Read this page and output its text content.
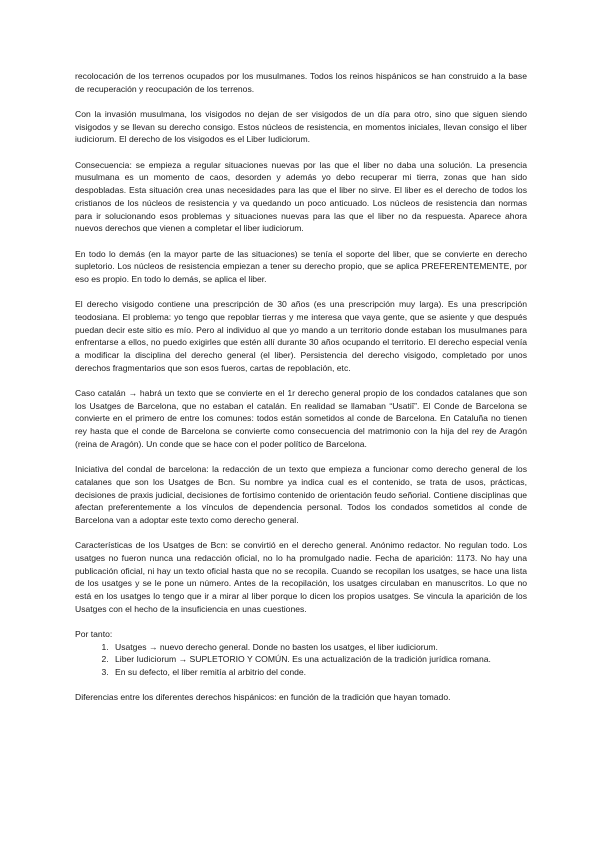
recolocación de los terrenos ocupados por los musulmanes. Todos los reinos hispánicos se han construido a la base de recuperación y reocupación de los terrenos.

Con la invasión musulmana, los visigodos no dejan de ser visigodos de un día para otro, sino que siguen siendo visigodos y se llevan su derecho consigo. Estos núcleos de resistencia, en momentos iniciales, llevan consigo el liber iudiciorum. El derecho de los visigodos es el Liber Iudiciorum.

Consecuencia: se empieza a regular situaciones nuevas por las que el liber no daba una solución. La presencia musulmana es un momento de caos, desorden y además yo debo recuperar mi tierra, zonas que han sido despobladas. Esta situación crea unas necesidades para las que el liber no sirve. El liber es el derecho de todos los cristianos de los núcleos de resistencia y va quedando un poco anticuado. Los núcleos de resistencia dan normas para ir solucionando esos problemas y situaciones nuevas para las que el liber no da respuesta. Aparece ahora nuevos derechos que vienen a completar el liber iudiciorum.

En todo lo demás (en la mayor parte de las situaciones) se tenía el soporte del liber, que se convierte en derecho supletorio. Los núcleos de resistencia empiezan a tener su derecho propio, que se aplica PREFERENTEMENTE, por eso es propio. En todo lo demás, se aplica el liber.

El derecho visigodo contiene una prescripción de 30 años (es una prescripción muy larga). Es una prescripción teodosiana. El problema: yo tengo que repoblar tierras y me interesa que vaya gente, que se asiente y que después puedan decir este sitio es mío. Pero al individuo al que yo mando a un territorio donde estaban los musulmanes para enfrentarse a ellos, no puedo exigirles que estén allí durante 30 años ocupando el territorio. El derecho especial venía a modificar la disciplina del derecho general (el liber). Persistencia del derecho visigodo, completado por unos derechos fragmentarios que son esos fueros, cartas de repoblación, etc.

Caso catalán → habrá un texto que se convierte en el 1r derecho general propio de los condados catalanes que son los Usatges de Barcelona, que no estaban el catalán. En realidad se llamaban “Usatiî”. El Conde de Barcelona se convierte en el primero de entre los comunes: todos están sometidos al conde de Barcelona. En Cataluña no tienen rey hasta que el conde de Barcelona se convierte como consecuencia del matrimonio con la hija del rey de Aragón (reina de Aragón). Un conde que se hace con el poder político de Barcelona.

Iniciativa del condal de barcelona: la redacción de un texto que empieza a funcionar como derecho general de los catalanes que son los Usatges de Bcn. Su nombre ya indica cual es el contenido, se trata de usos, prácticas, decisiones de praxis judicial, decisiones de fortísimo contenido de orientación feudo señorial. Contiene disciplinas que afectan preferentemente a los vínculos de dependencia personal. Todos los condados sometidos al conde de Barcelona van a adoptar este texto como derecho general.

Características de los Usatges de Bcn: se convirtió en el derecho general. Anónimo redactor. No regulan todo. Los usatges no fueron nunca una redacción oficial, no lo ha promulgado nadie. Fecha de aparición: 1173. No hay una publicación oficial, ni hay un texto oficial hasta que no se recopila. Cuando se recopilan los usatges, se hace una lista de los usatges y se le pone un número. Antes de la recopilación, los usatges circulaban en manuscritos. Lo que no está en los usatges lo tengo que ir a mirar al liber porque lo dicen los propios usatges. Se vincula la aparición de los Usatges con el hecho de la insuficiencia en unas cuestiones.

Por tanto:

1. Usatges → nuevo derecho general. Donde no basten los usatges, el liber iudiciorum.
2. Liber Iudiciorum → SUPLETORIO Y COMÚN. Es una actualización de la tradición jurídica romana.
3. En su defecto, el liber remitía al arbitrio del conde.

Diferencias entre los diferentes derechos hispánicos: en función de la tradición que hayan tomado.
